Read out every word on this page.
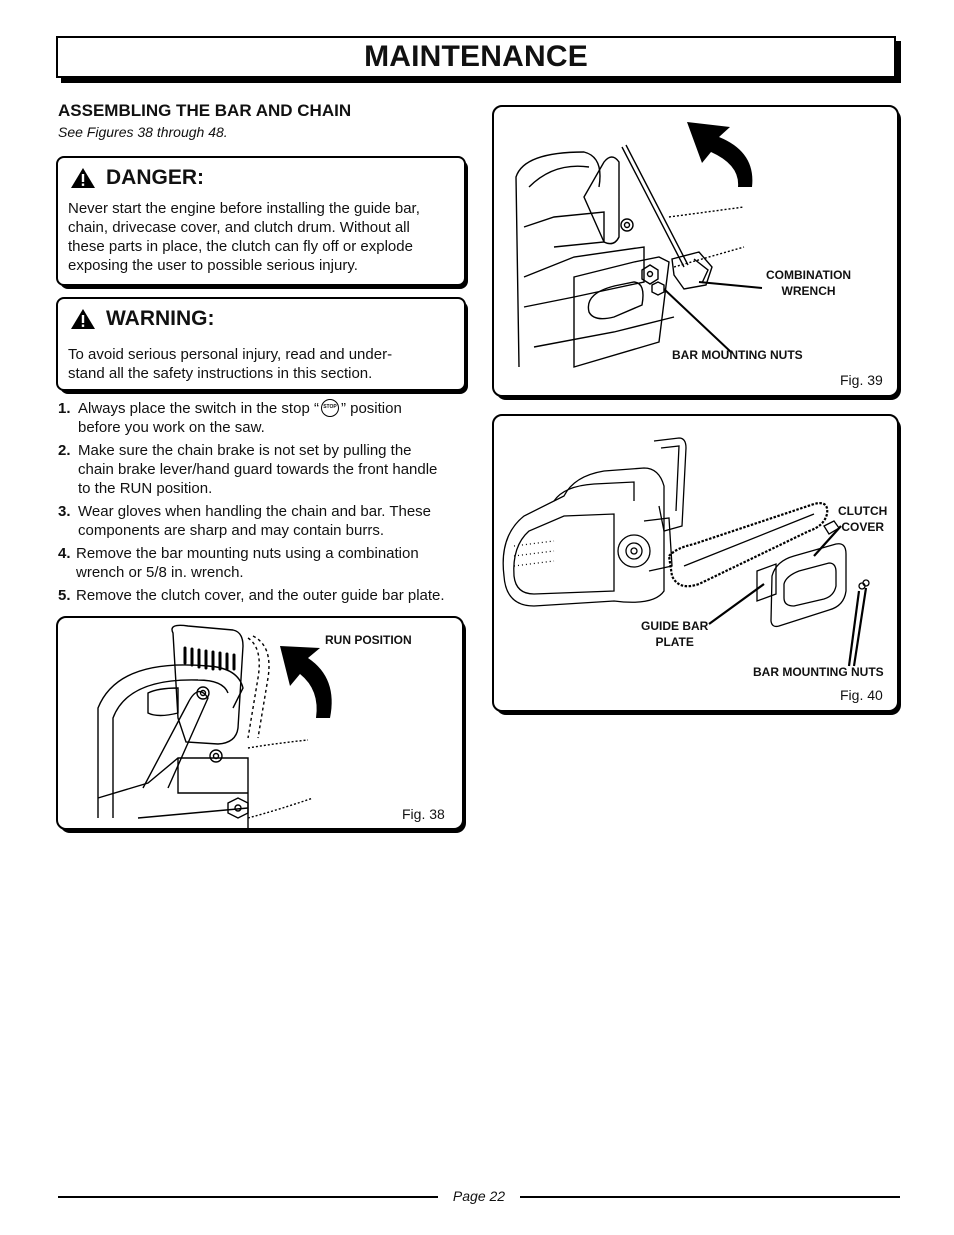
MAINTENANCE
ASSEMBLING THE BAR AND CHAIN
See Figures 38 through 48.
DANGER:
Never start the engine before installing the guide bar,
chain, drivecase cover, and clutch drum. Without all
these parts in place, the clutch can fly off or explode
exposing the user to possible serious injury.
WARNING:
To avoid serious personal injury, read and under-
stand all the safety instructions in this section.
1. Always place the switch in the stop “ STOP ” position
before you work on the saw.
2. Make sure the chain brake is not set by pulling the
chain brake lever/hand guard towards the front handle
to the RUN position.
3. Wear gloves when handling the chain and bar. These
components are sharp and may contain burrs.
4. Remove the bar mounting nuts using a combination
wrench or 5/8 in. wrench.
5. Remove the clutch cover, and the outer guide bar plate.
RUN POSITION
Fig. 38
COMBINATION
WRENCH
BAR MOUNTING NUTS
Fig. 39
CLUTCH
COVER
GUIDE BAR
PLATE
BAR MOUNTING NUTS
Fig. 40
Page 22
